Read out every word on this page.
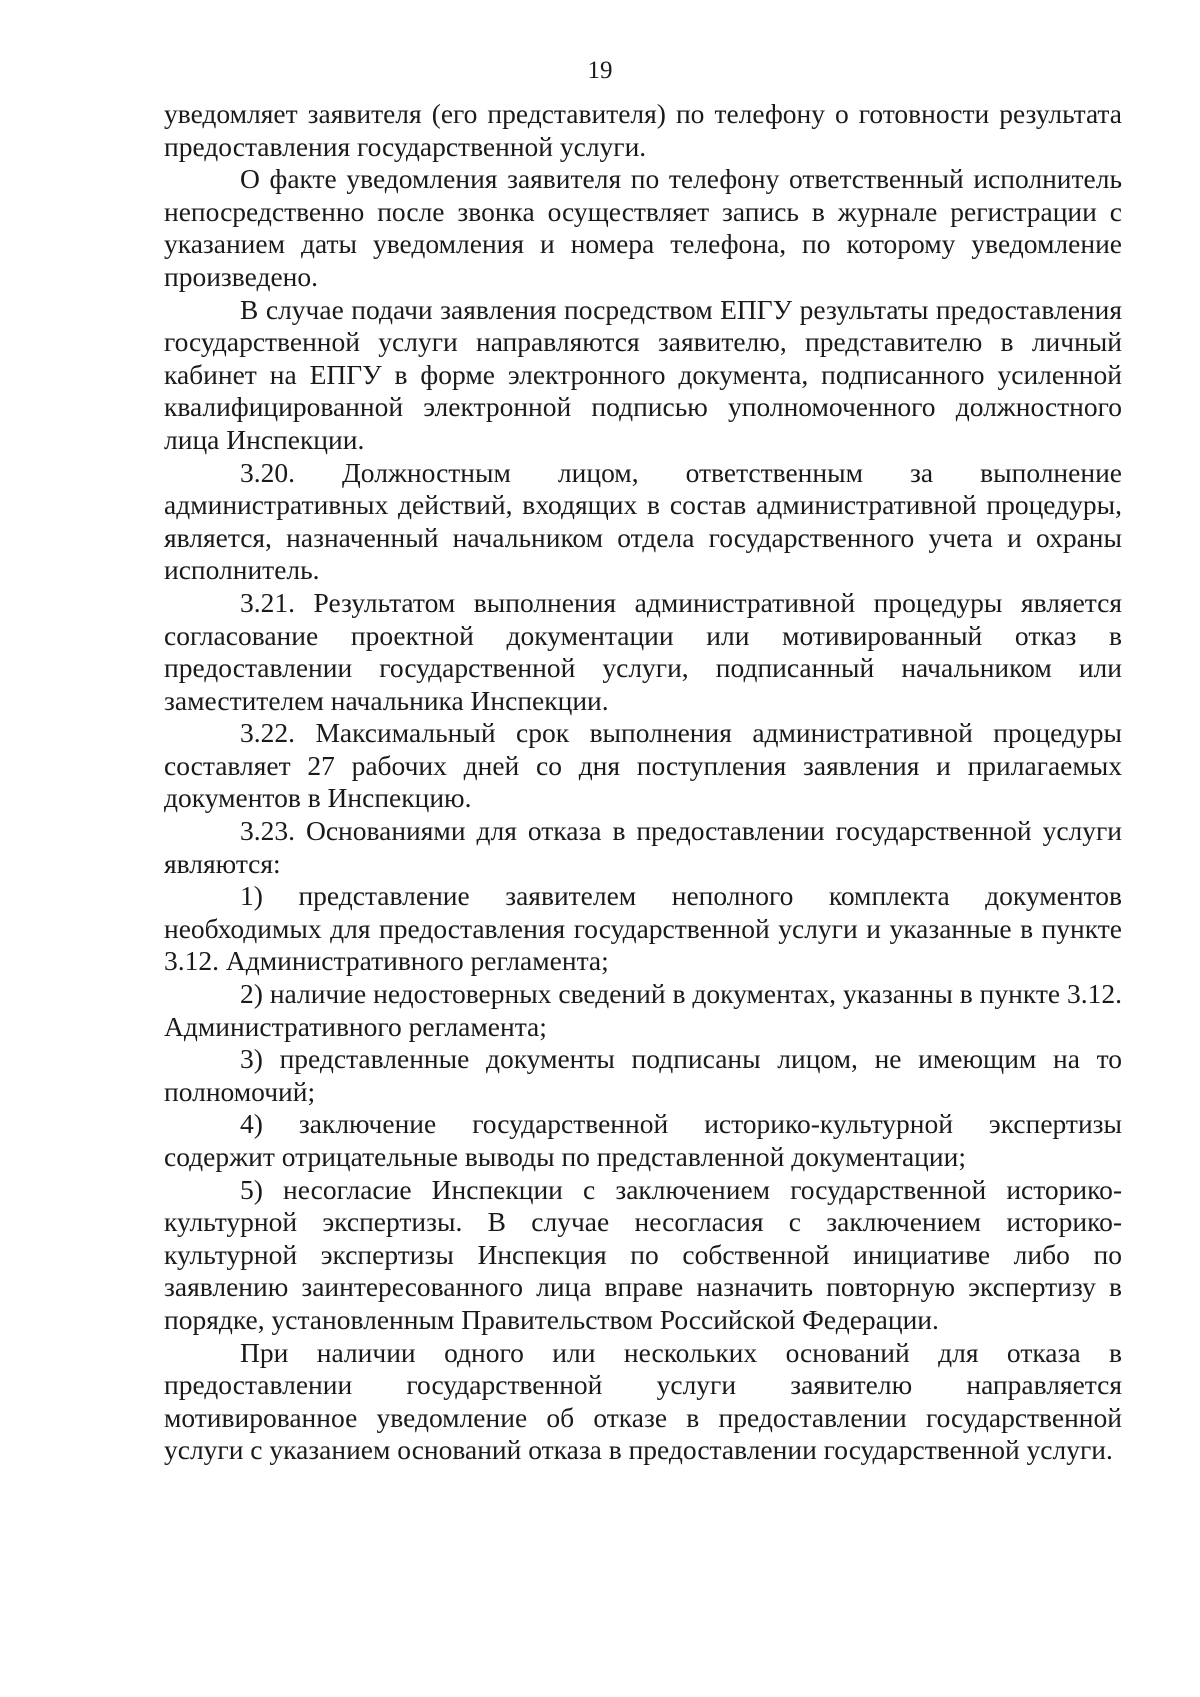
19

уведомляет заявителя (его представителя) по телефону о готовности результата предоставления государственной услуги.

О факте уведомления заявителя по телефону ответственный исполнитель непосредственно после звонка осуществляет запись в журнале регистрации с указанием даты уведомления и номера телефона, по которому уведомление произведено.

В случае подачи заявления посредством ЕПГУ результаты предоставления государственной услуги направляются заявителю, представителю в личный кабинет на ЕПГУ в форме электронного документа, подписанного усиленной квалифицированной электронной подписью уполномоченного должностного лица Инспекции.

3.20. Должностным лицом, ответственным за выполнение административных действий, входящих в состав административной процедуры, является, назначенный начальником отдела государственного учета и охраны исполнитель.

3.21. Результатом выполнения административной процедуры является согласование проектной документации или мотивированный отказ в предоставлении государственной услуги, подписанный начальником или заместителем начальника Инспекции.

3.22. Максимальный срок выполнения административной процедуры составляет 27 рабочих дней со дня поступления заявления и прилагаемых документов в Инспекцию.

3.23. Основаниями для отказа в предоставлении государственной услуги являются:

1) представление заявителем неполного комплекта документов необходимых для предоставления государственной услуги и указанные в пункте 3.12. Административного регламента;

2) наличие недостоверных сведений в документах, указанны в пункте 3.12. Административного регламента;

3) представленные документы подписаны лицом, не имеющим на то полномочий;

4) заключение государственной историко-культурной экспертизы содержит отрицательные выводы по представленной документации;

5) несогласие Инспекции с заключением государственной историко-культурной экспертизы. В случае несогласия с заключением историко-культурной экспертизы Инспекция по собственной инициативе либо по заявлению заинтересованного лица вправе назначить повторную экспертизу в порядке, установленным Правительством Российской Федерации.

При наличии одного или нескольких оснований для отказа в предоставлении государственной услуги заявителю направляется мотивированное уведомление об отказе в предоставлении государственной услуги с указанием оснований отказа в предоставлении государственной услуги.
